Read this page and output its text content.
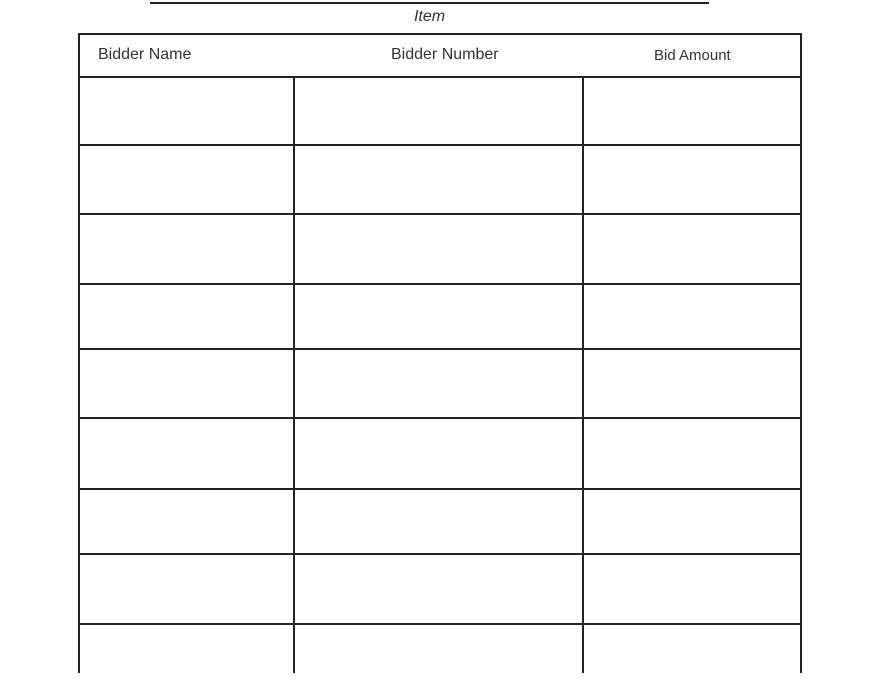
Item
Bidder Name	Bidder Number	Bid Amount
